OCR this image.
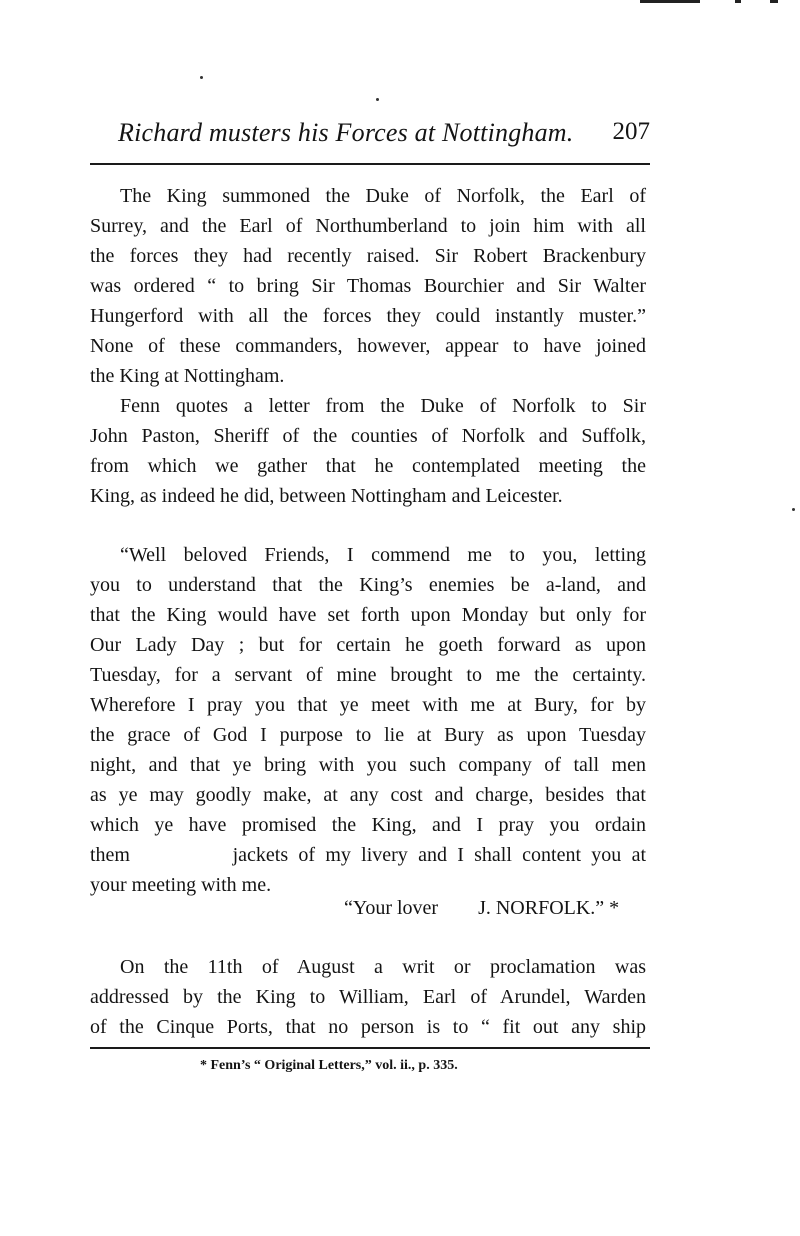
Richard musters his Forces at Nottingham. 207
The King summoned the Duke of Norfolk, the Earl of
Surrey, and the Earl of Northumberland to join him with all
the forces they had recently raised. Sir Robert Brackenbury
was ordered “ to bring Sir Thomas Bourchier and Sir Walter
Hungerford with all the forces they could instantly muster.”
None of these commanders, however, appear to have joined
the King at Nottingham.
Fenn quotes a letter from the Duke of Norfolk to Sir
John Paston, Sheriff of the counties of Norfolk and Suffolk,
from which we gather that he contemplated meeting the
King, as indeed he did, between Nottingham and Leicester.
“Well beloved Friends, I commend me to you, letting
you to understand that the King’s enemies be a-land, and
that the King would have set forth upon Monday but only for
Our Lady Day ; but for certain he goeth forward as upon
Tuesday, for a servant of mine brought to me the certainty.
Wherefore I pray you that ye meet with me at Bury, for by
the grace of God I purpose to lie at Bury as upon Tuesday
night, and that ye bring with you such company of tall men
as ye may goodly make, at any cost and charge, besides that
which ye have promised the King, and I pray you ordain
them          jackets of my livery and I shall content you at
your meeting with me.
“Your lover        J. NORFOLK.” *
On the 11th of August a writ or proclamation was
addressed by the King to William, Earl of Arundel, Warden
of the Cinque Ports, that no person is to “ fit out any ship
* Fenn’s “ Original Letters,” vol. ii., p. 335.
